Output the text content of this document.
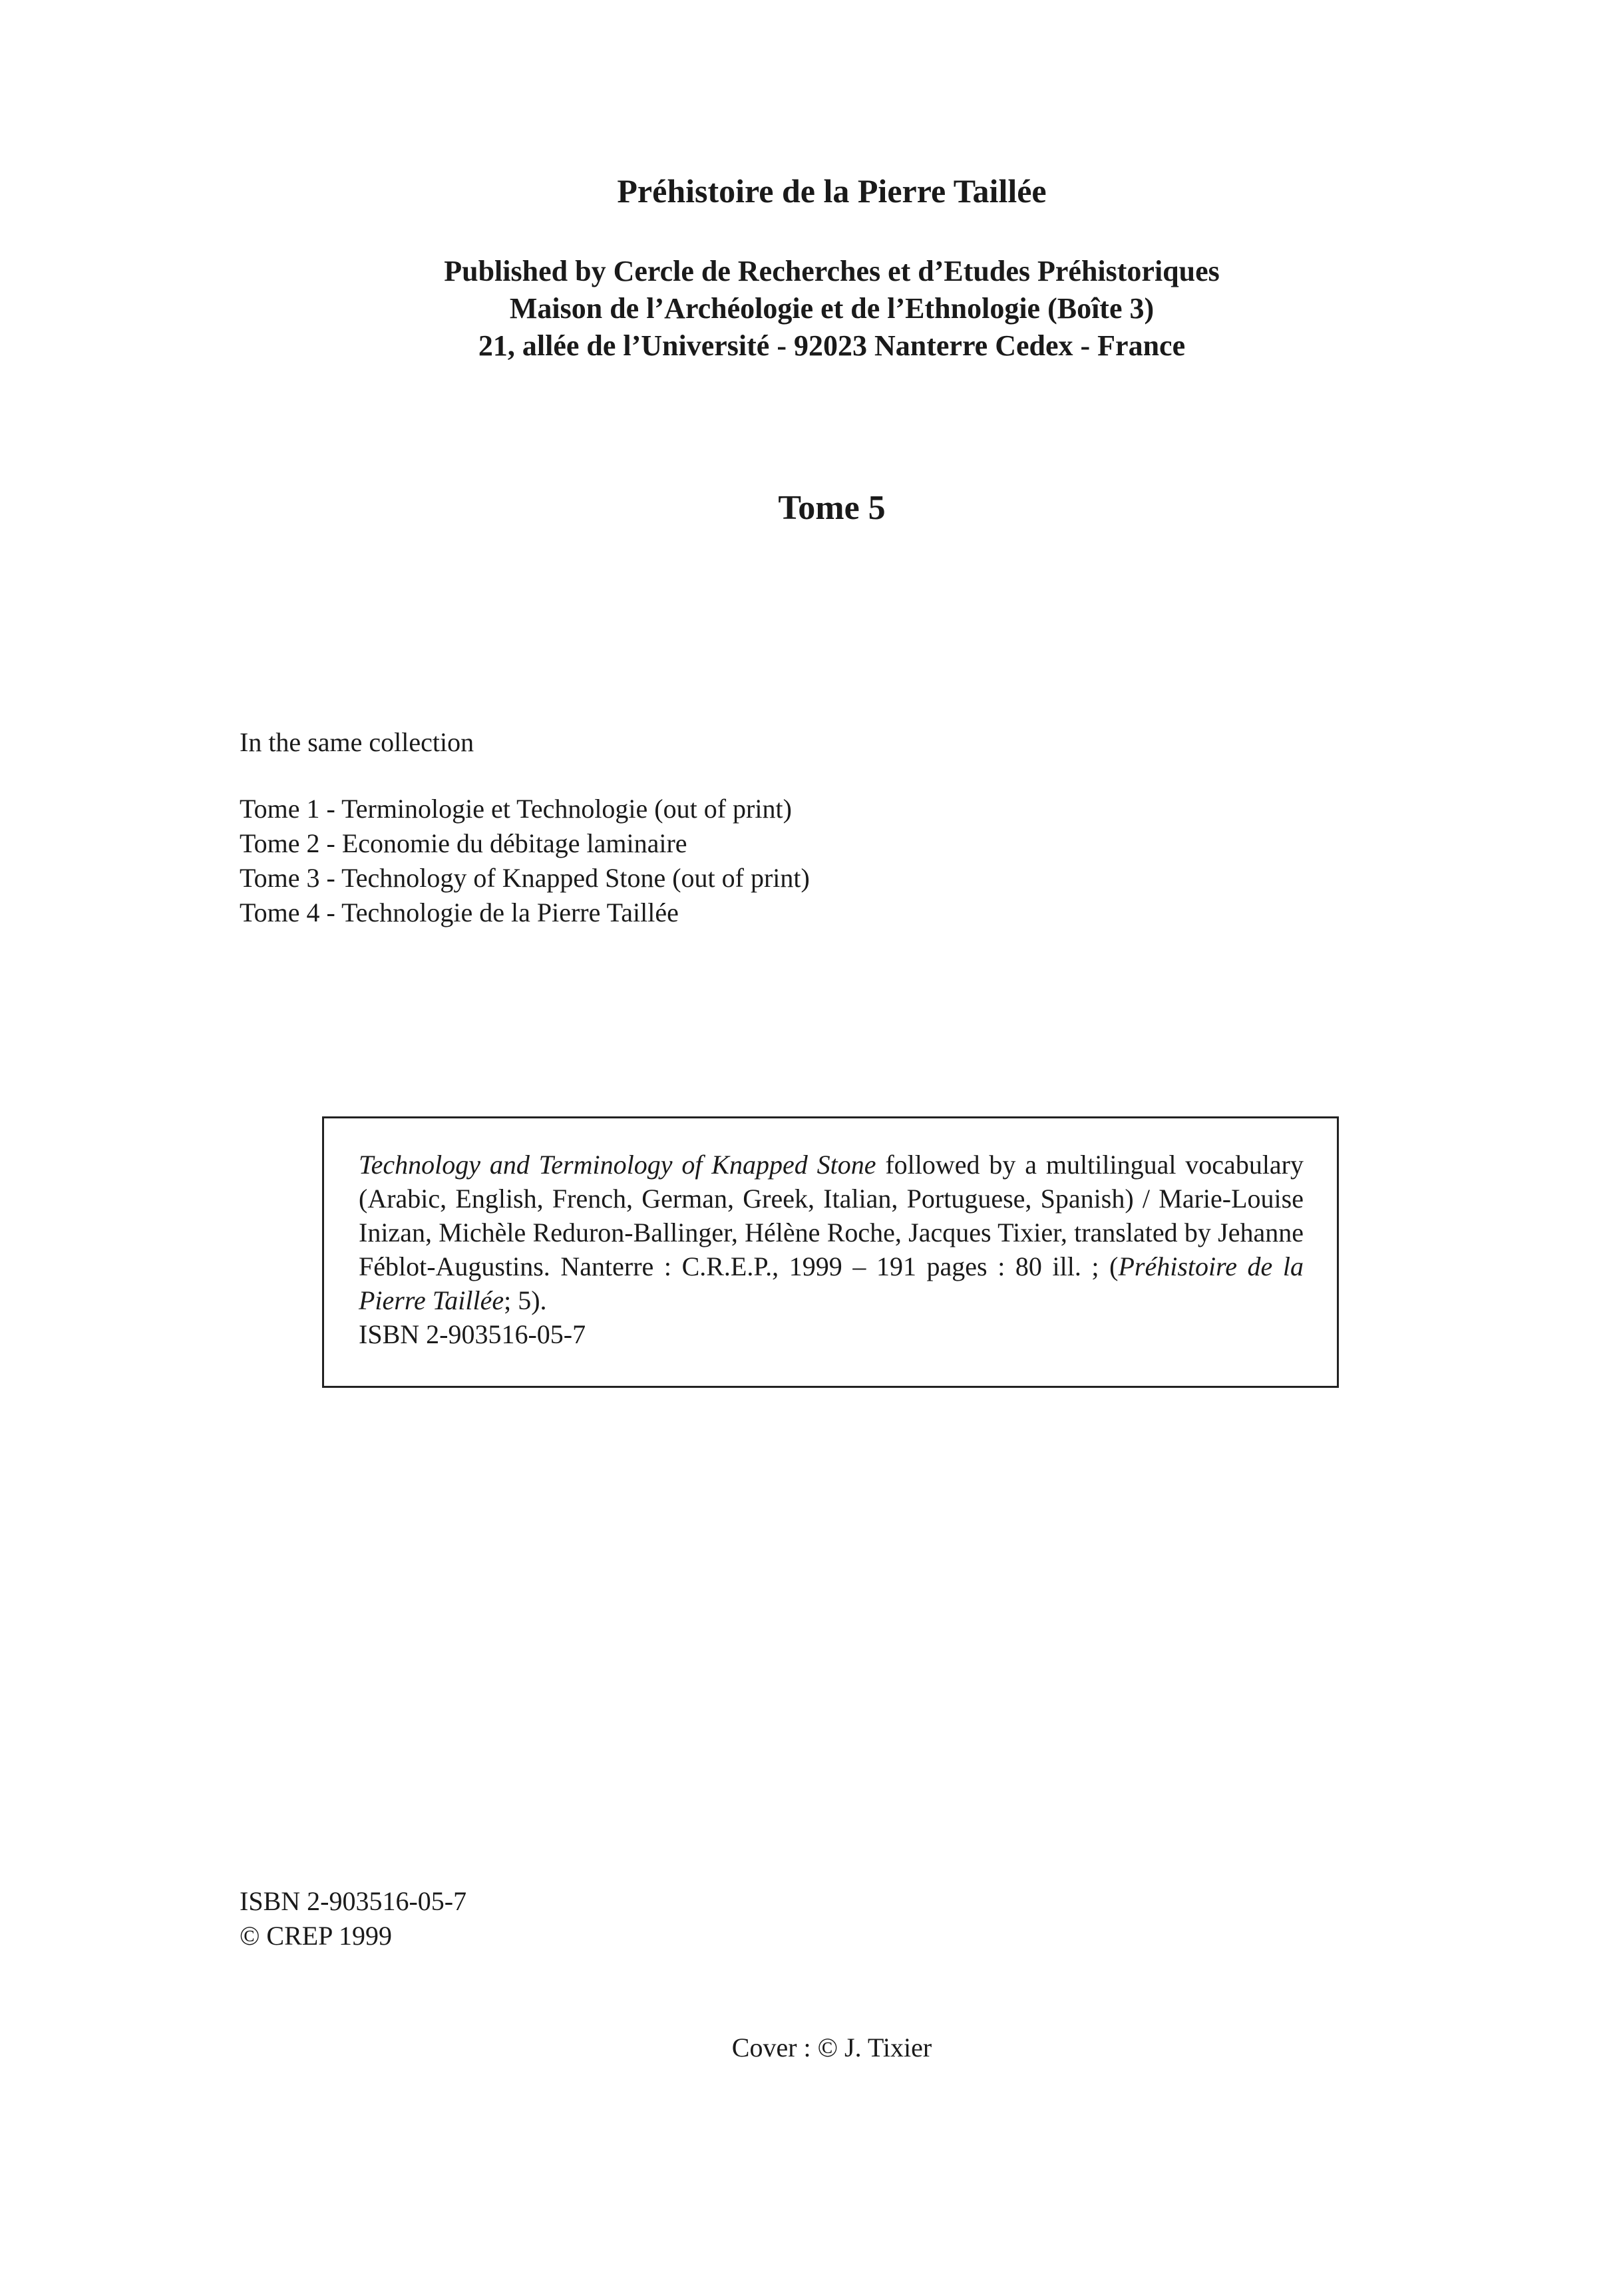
Préhistoire de la Pierre Taillée
Published by Cercle de Recherches et d’Etudes Préhistoriques
Maison de l’Archéologie et de l’Ethnologie (Boîte 3)
21, allée de l’Université - 92023 Nanterre Cedex - France
Tome 5
In the same collection
Tome 1 - Terminologie et Technologie (out of print)
Tome 2 - Economie du débitage laminaire
Tome 3 - Technology of Knapped Stone (out of print)
Tome 4 - Technologie de la Pierre Taillée

Technology and Terminology of Knapped Stone followed by a multilingual vocabulary (Arabic, English, French, German, Greek, Italian, Portuguese, Spanish) / Marie-Louise Inizan, Michèle Reduron-Ballinger, Hélène Roche, Jacques Tixier, translated by Jehanne Féblot-Augustins. Nanterre : C.R.E.P., 1999 – 191 pages : 80 ill. ; (Préhistoire de la Pierre Taillée; 5).

ISBN 2-903516-05-7

ISBN 2-903516-05-7
© CREP 1999
Cover : © J. Tixier
